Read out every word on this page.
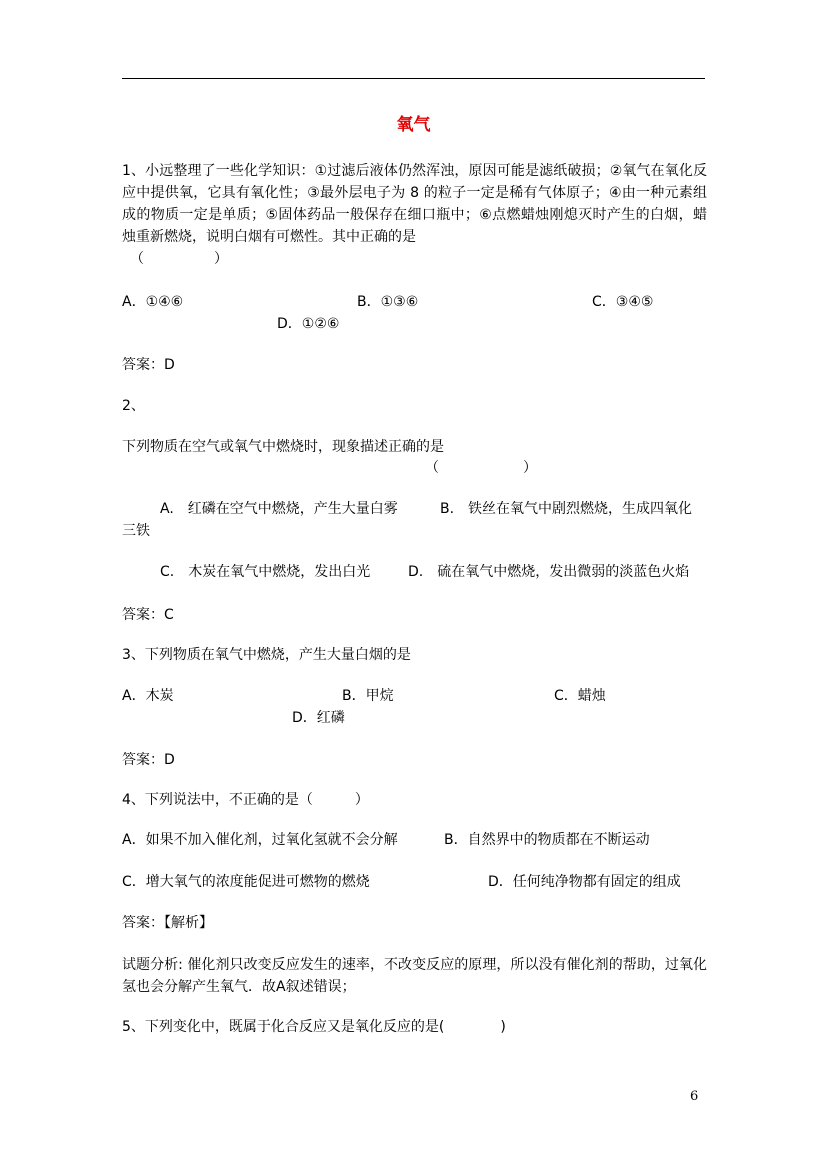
氧气
1、小远整理了一些化学知识：①过滤后液体仍然浑浊，原因可能是滤纸破损；②氧气在氧化反应中提供氧，它具有氧化性；③最外层电子为 8 的粒子一定是稀有气体原子；④由一种元素组成的物质一定是单质；⑤固体药品一般保存在细口瓶中；⑥点燃蜡烛刚熄灭时产生的白烟，蜡烛重新燃烧，说明白烟有可燃性。其中正确的是
（　　　　　）
A．①④⑥	B．①③⑥	C．③④⑤
D．①②⑥
答案：D
2、
下列物质在空气或氧气中燃烧时，现象描述正确的是
（　　　　　　）
A.　红磷在空气中燃烧，产生大量白雾	B.　铁丝在氧气中剧烈燃烧，生成四氧化
三铁
C.　木炭在氧气中燃烧，发出白光	D.　硫在氧气中燃烧，发出微弱的淡蓝色火焰
答案：C
3、下列物质在氧气中燃烧，产生大量白烟的是
A．木炭	B．甲烷	C．蜡烛
D．红磷
答案：D
4、下列说法中，不正确的是（　　　）
A．如果不加入催化剂，过氧化氢就不会分解	B．自然界中的物质都在不断运动
C．增大氧气的浓度能促进可燃物的燃烧	D．任何纯净物都有固定的组成
答案：【解析】
试题分析: 催化剂只改变反应发生的速率，不改变反应的原理，所以没有催化剂的帮助，过氧化氢也会分解产生氧气．故A叙述错误；
5、下列变化中，既属于化合反应又是氧化反应的是(　　　　)
6
